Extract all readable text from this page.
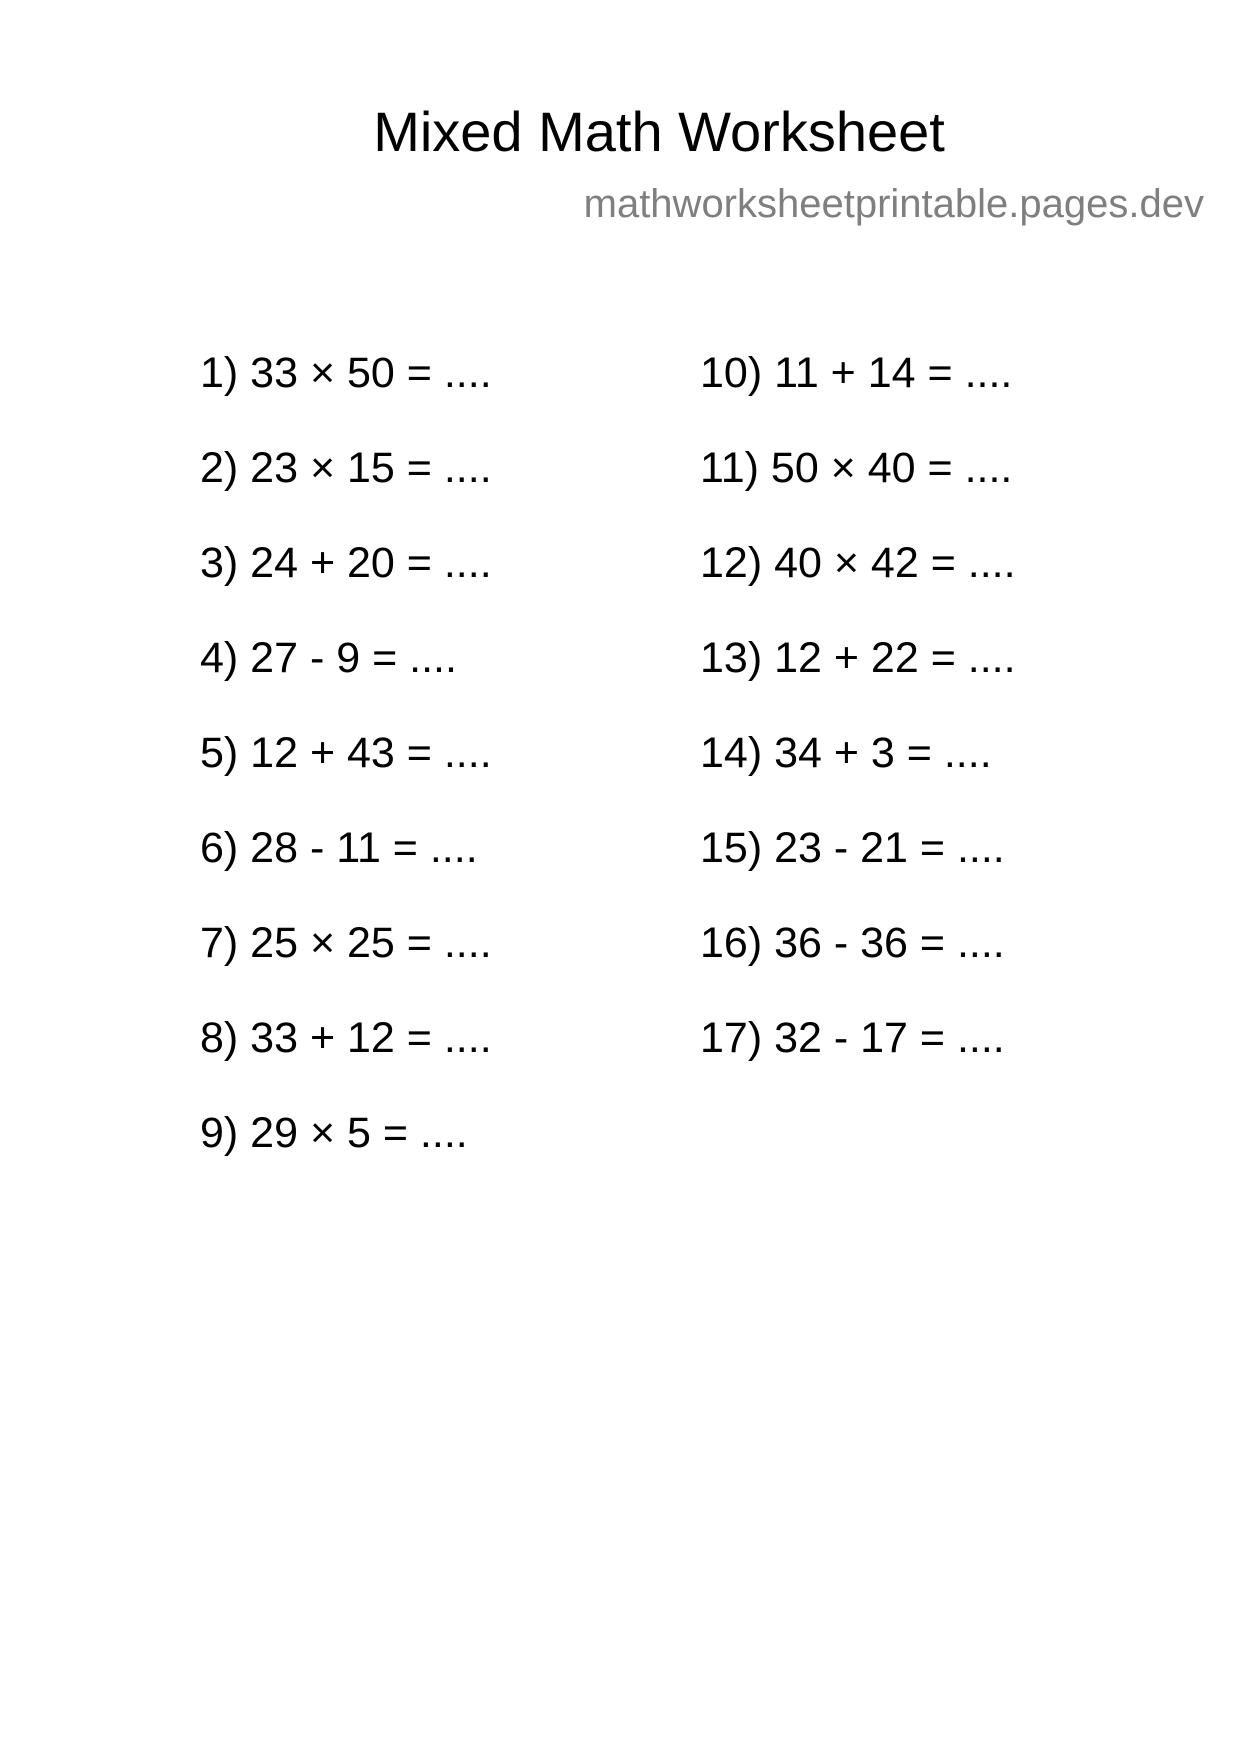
Mixed Math Worksheet
mathworksheetprintable.pages.dev
1) 33 × 50 = ....
2) 23 × 15 = ....
3) 24 + 20 = ....
4) 27 - 9 = ....
5) 12 + 43 = ....
6) 28 - 11 = ....
7) 25 × 25 = ....
8) 33 + 12 = ....
9) 29 × 5 = ....
10) 11 + 14 = ....
11) 50 × 40 = ....
12) 40 × 42 = ....
13) 12 + 22 = ....
14) 34 + 3 = ....
15) 23 - 21 = ....
16) 36 - 36 = ....
17) 32 - 17 = ....
